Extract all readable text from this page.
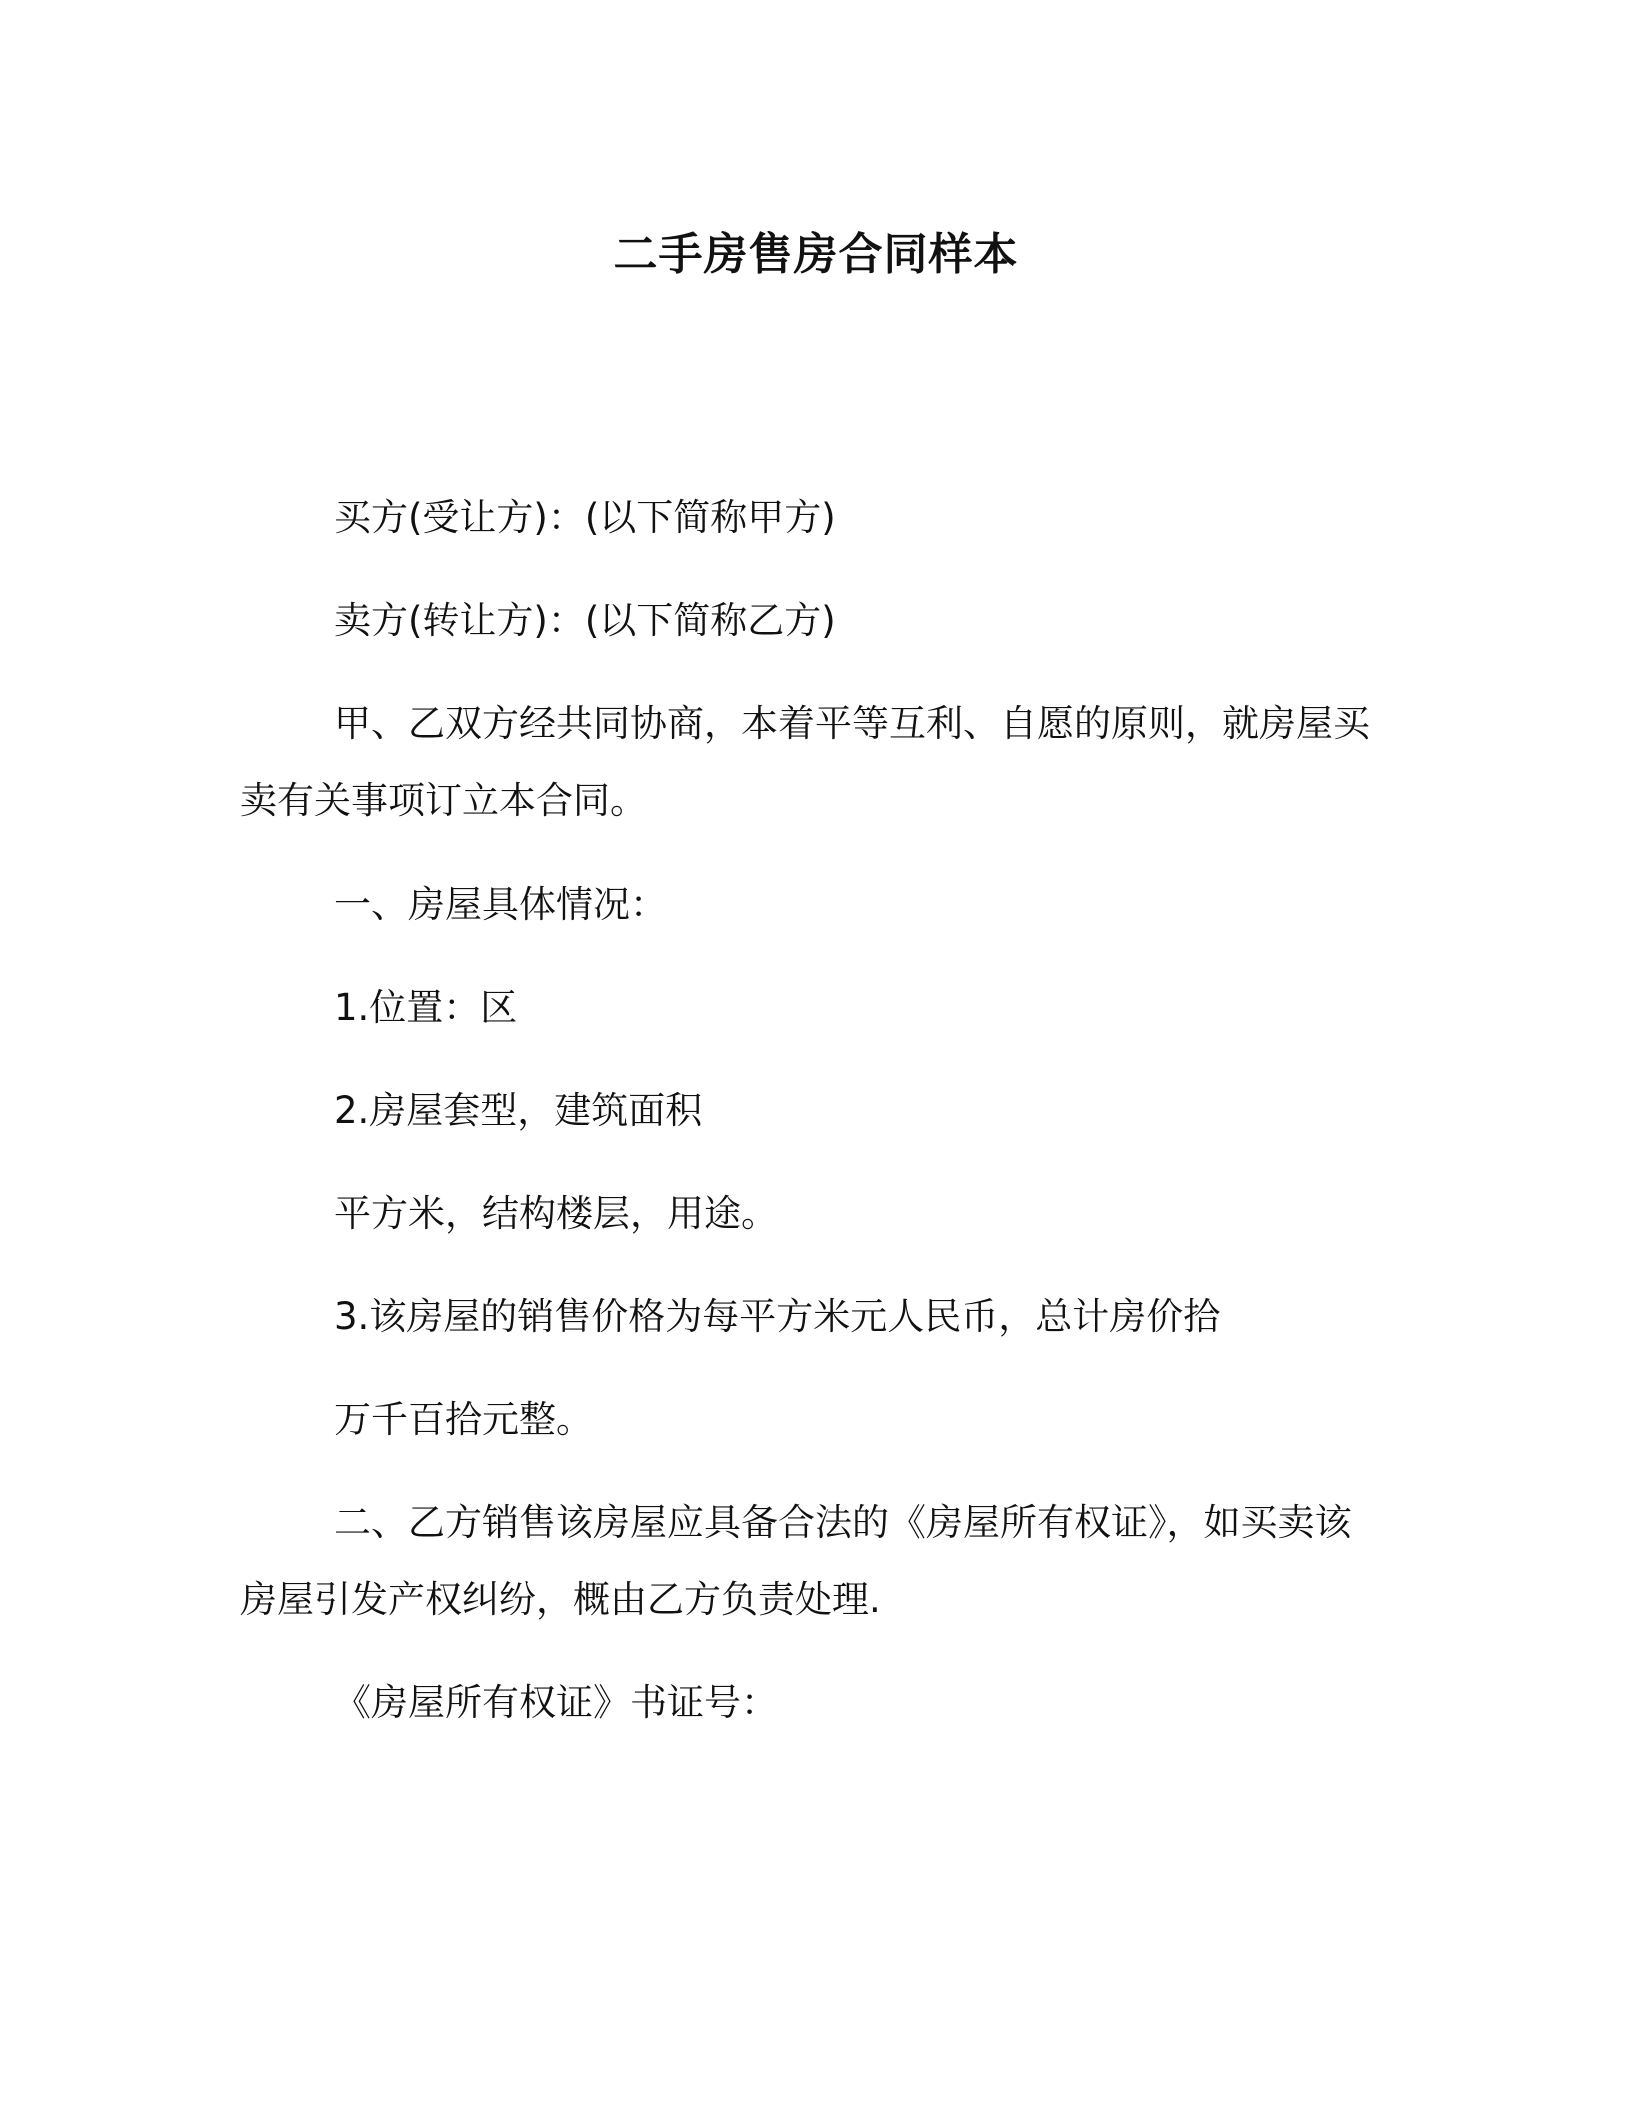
二手房售房合同样本
买方(受让方)：(以下简称甲方)
卖方(转让方)：(以下简称乙方)
甲、乙双方经共同协商，本着平等互利、自愿的原则，就房屋买
卖有关事项订立本合同。
一、房屋具体情况：
1.位置：区
2.房屋套型，建筑面积
平方米，结构楼层，用途。
3.该房屋的销售价格为每平方米元人民币，总计房价拾
万千百拾元整。
二、乙方销售该房屋应具备合法的《房屋所有权证》，如买卖该
房屋引发产权纠纷，概由乙方负责处理.
《房屋所有权证》书证号：
